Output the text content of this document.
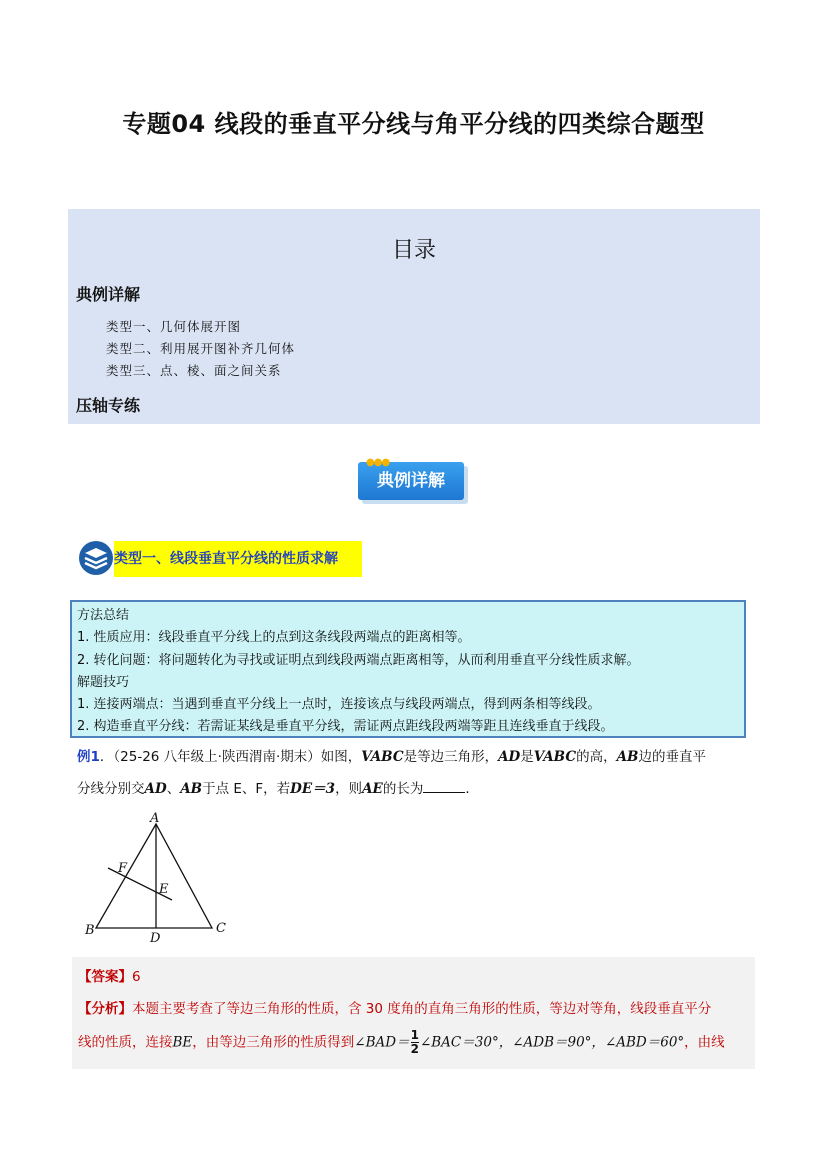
专题04 线段的垂直平分线与角平分线的四类综合题型
目录
典例详解
类型一、几何体展开图
类型二、利用展开图补齐几何体
类型三、点、棱、面之间关系
压轴专练
典例详解
●●●
类型一、线段垂直平分线的性质求解
方法总结
1. 性质应用：线段垂直平分线上的点到这条线段两端点的距离相等。
2. 转化问题：将问题转化为寻找或证明点到线段两端点距离相等，从而利用垂直平分线性质求解。
解题技巧
1. 连接两端点：当遇到垂直平分线上一点时，连接该点与线段两端点，得到两条相等线段。
2. 构造垂直平分线：若需证某线是垂直平分线，需证两点距线段两端等距且连线垂直于线段。
例1．（25-26 八年级上·陕西渭南·期末）如图，VABC是等边三角形，AD是VABC的高，AB边的垂直平
分线分别交AD、AB于点 E、F，若DE＝3，则AE的长为	．
A
B	C
D
E
F
【答案】6
【分析】本题主要考查了等边三角形的性质，含 30 度角的直角三角形的性质，等边对等角，线段垂直平分
线的性质，连接BE，由等边三角形的性质得到∠BAD＝ $\frac{1}{2}\angle BAC=30^\circ$，∠ADB＝90°，∠ABD＝60°，由线
